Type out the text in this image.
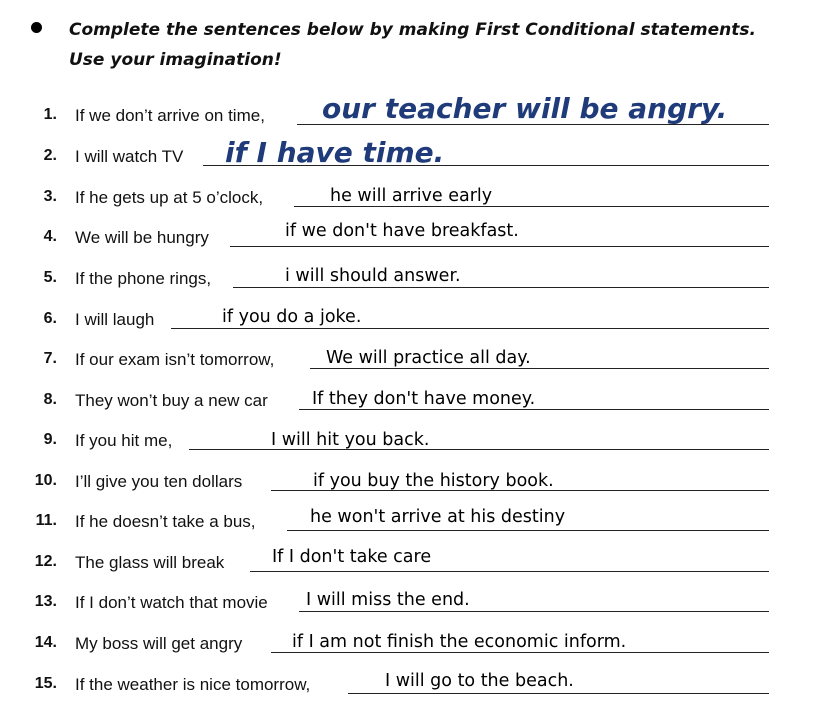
Complete the sentences below by making First Conditional statements. Use your imagination!
1. If we don’t arrive on time, our teacher will be angry.
2. I will watch TV if I have time.
3. If he gets up at 5 o’clock,	he will arrive early
4. We will be hungry	if we don't have breakfast.
5. If the phone rings,	i will should answer.
6. I will laugh	if you do a joke.
7. If our exam isn’t tomorrow,	We will practice all day.
8. They won’t buy a new car	If they don't have money.
9. If you hit me,	I will hit you back.
10. I’ll give you ten dollars	if you buy the history book.
11. If he doesn’t take a bus,	he won't arrive at his destiny
12. The glass will break	If I don't take care
13. If I don’t watch that movie I will miss the end.
14. My boss will get angry	if I am not finish the economic inform.
15. If the weather is nice tomorrow,	I will go to the beach.
